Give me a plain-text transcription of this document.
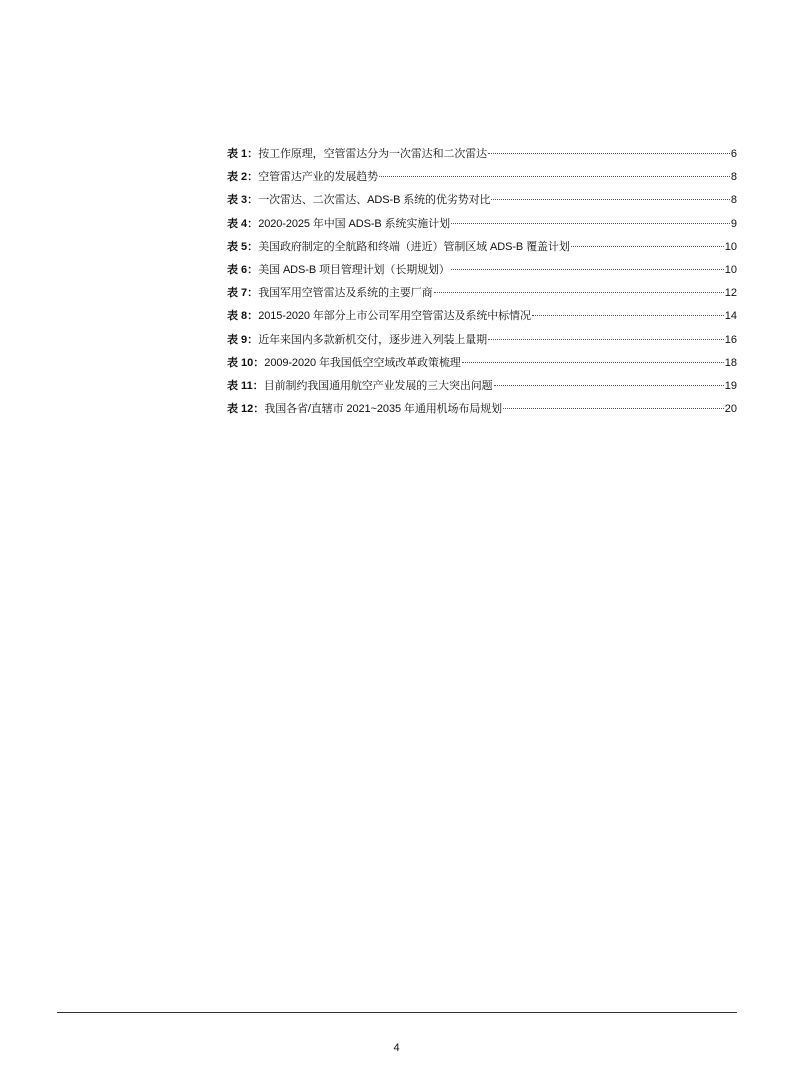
表 1： 按工作原理，空管雷达分为一次雷达和二次雷达	6
表 2： 空管雷达产业的发展趋势	8
表 3： 一次雷达、二次雷达、ADS-B 系统的优劣势对比	8
表 4： 2020-2025 年中国 ADS-B 系统实施计划	9
表 5： 美国政府制定的全航路和终端（进近）管制区域 ADS-B 覆盖计划	10
表 6： 美国 ADS-B 项目管理计划（长期规划）	10
表 7： 我国军用空管雷达及系统的主要厂商	12
表 8： 2015-2020 年部分上市公司军用空管雷达及系统中标情况	14
表 9： 近年来国内多款新机交付，逐步进入列装上量期	16
表 10： 2009-2020 年我国低空空域改革政策梳理	18
表 11： 目前制约我国通用航空产业发展的三大突出问题	19
表 12： 我国各省/直辖市 2021~2035 年通用机场布局规划	20
4
